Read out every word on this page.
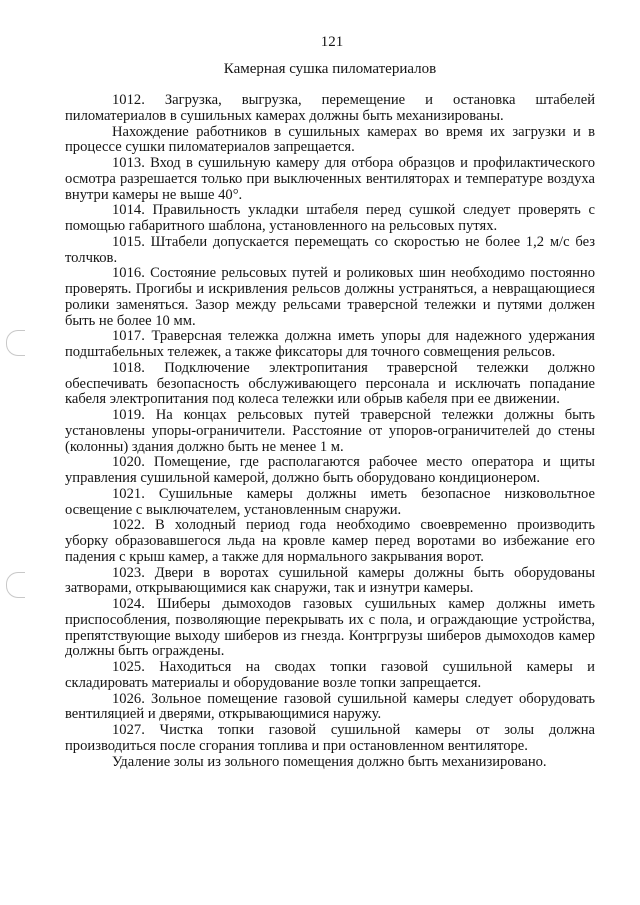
121
Камерная сушка пиломатериалов

1012. Загрузка, выгрузка, перемещение и остановка штабелей пиломатериалов в сушильных камерах должны быть механизированы.

Нахождение работников в сушильных камерах во время их загрузки и в процессе сушки пиломатериалов запрещается.

1013. Вход в сушильную камеру для отбора образцов и профилактического осмотра разрешается только при выключенных вентиляторах и температуре воздуха внутри камеры не выше 40°.

1014. Правильность укладки штабеля перед сушкой следует проверять с помощью габаритного шаблона, установленного на рельсовых путях.

1015. Штабели допускается перемещать со скоростью не более 1,2 м/с без толчков.

1016. Состояние рельсовых путей и роликовых шин необходимо постоянно проверять. Прогибы и искривления рельсов должны устраняться, а невращающиеся ролики заменяться. Зазор между рельсами траверсной тележки и путями должен быть не более 10 мм.

1017. Траверсная тележка должна иметь упоры для надежного удержания подштабельных тележек, а также фиксаторы для точного совмещения рельсов.

1018. Подключение электропитания траверсной тележки должно обеспечивать безопасность обслуживающего персонала и исключать попадание кабеля электропитания под колеса тележки или обрыв кабеля при ее движении.

1019. На концах рельсовых путей траверсной тележки должны быть установлены упоры-ограничители. Расстояние от упоров-ограничителей до стены (колонны) здания должно быть не менее 1 м.

1020. Помещение, где располагаются рабочее место оператора и щиты управления сушильной камерой, должно быть оборудовано кондиционером.

1021. Сушильные камеры должны иметь безопасное низковольтное освещение с выключателем, установленным снаружи.

1022. В холодный период года необходимо своевременно производить уборку образовавшегося льда на кровле камер перед воротами во избежание его падения с крыш камер, а также для нормального закрывания ворот.

1023. Двери в воротах сушильной камеры должны быть оборудованы затворами, открывающимися как снаружи, так и изнутри камеры.

1024. Шиберы дымоходов газовых сушильных камер должны иметь приспособления, позволяющие перекрывать их с пола, и ограждающие устройства, препятствующие выходу шиберов из гнезда. Контргрузы шиберов дымоходов камер должны быть ограждены.

1025. Находиться на сводах топки газовой сушильной камеры и складировать материалы и оборудование возле топки запрещается.

1026. Зольное помещение газовой сушильной камеры следует оборудовать вентиляцией и дверями, открывающимися наружу.

1027. Чистка топки газовой сушильной камеры от золы должна производиться после сгорания топлива и при остановленном вентиляторе.

Удаление золы из зольного помещения должно быть механизировано.
